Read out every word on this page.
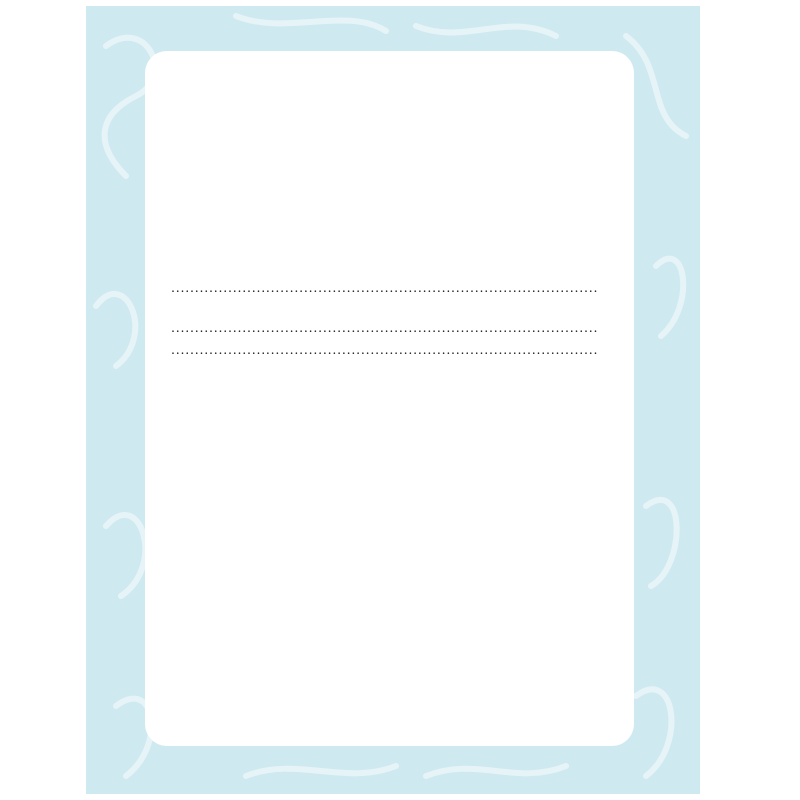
. . .
. . .
. . .
